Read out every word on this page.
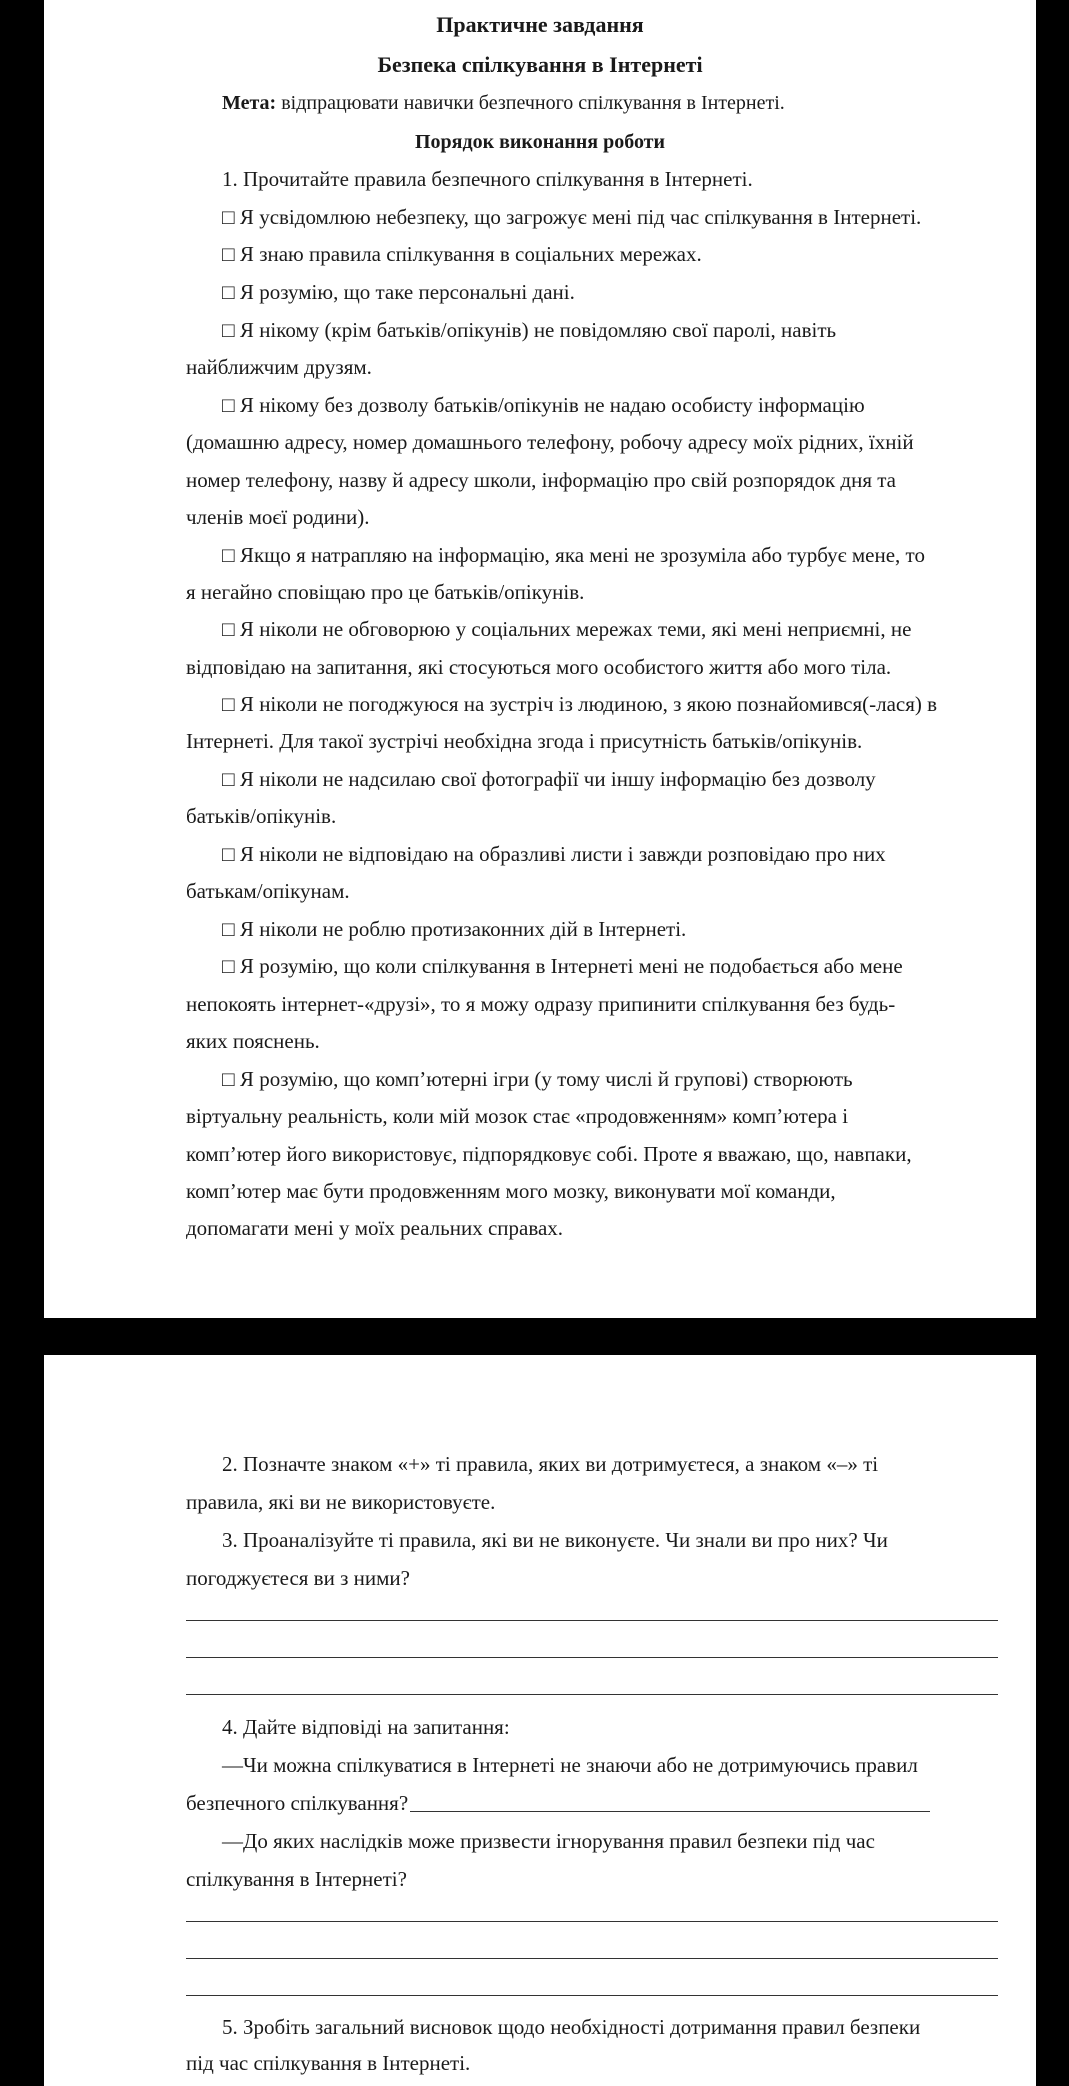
Практичне завдання
Безпека спілкування в Інтернеті
Мета: відпрацювати навички безпечного спілкування в Інтернеті.
Порядок виконання роботи
1. Прочитайте правила безпечного спілкування в Інтернеті.
□ Я усвідомлюю небезпеку, що загрожує мені під час спілкування в Інтернеті.
□ Я знаю правила спілкування в соціальних мережах.
□ Я розумію, що таке персональні дані.
□ Я нікому (крім батьків/опікунів) не повідомляю свої паролі, навіть
найближчим друзям.
□ Я нікому без дозволу батьків/опікунів не надаю особисту інформацію
(домашню адресу, номер домашнього телефону, робочу адресу моїх рідних, їхній
номер телефону, назву й адресу школи, інформацію про свій розпорядок дня та
членів моєї родини).
□ Якщо я натрапляю на інформацію, яка мені не зрозуміла або турбує мене, то
я негайно сповіщаю про це батьків/опікунів.
□ Я ніколи не обговорюю у соціальних мережах теми, які мені неприємні, не
відповідаю на запитання, які стосуються мого особистого життя або мого тіла.
□ Я ніколи не погоджуюся на зустріч із людиною, з якою познайомився(-лася) в
Інтернеті. Для такої зустрічі необхідна згода і присутність батьків/опікунів.
□ Я ніколи не надсилаю свої фотографії чи іншу інформацію без дозволу
батьків/опікунів.
□ Я ніколи не відповідаю на образливі листи і завжди розповідаю про них
батькам/опікунам.
□ Я ніколи не роблю протизаконних дій в Інтернеті.
□ Я розумію, що коли спілкування в Інтернеті мені не подобається або мене
непокоять інтернет-«друзі», то я можу одразу припинити спілкування без будь-
яких пояснень.
□ Я розумію, що комп’ютерні ігри (у тому числі й групові) створюють
віртуальну реальність, коли мій мозок стає «продовженням» комп’ютера і
комп’ютер його використовує, підпорядковує собі. Проте я вважаю, що, навпаки,
комп’ютер має бути продовженням мого мозку, виконувати мої команди,
допомагати мені у моїх реальних справах.
2. Позначте знаком «+» ті правила, яких ви дотримуєтеся, а знаком «–» ті
правила, які ви не використовуєте.
3. Проаналізуйте ті правила, які ви не виконуєте. Чи знали ви про них? Чи
погоджуєтеся ви з ними?
4. Дайте відповіді на запитання:
—Чи можна спілкуватися в Інтернеті не знаючи або не дотримуючись правил
безпечного спілкування?
—До яких наслідків може призвести ігнорування правил безпеки під час
спілкування в Інтернеті?
5. Зробіть загальний висновок щодо необхідності дотримання правил безпеки
під час спілкування в Інтернеті.
